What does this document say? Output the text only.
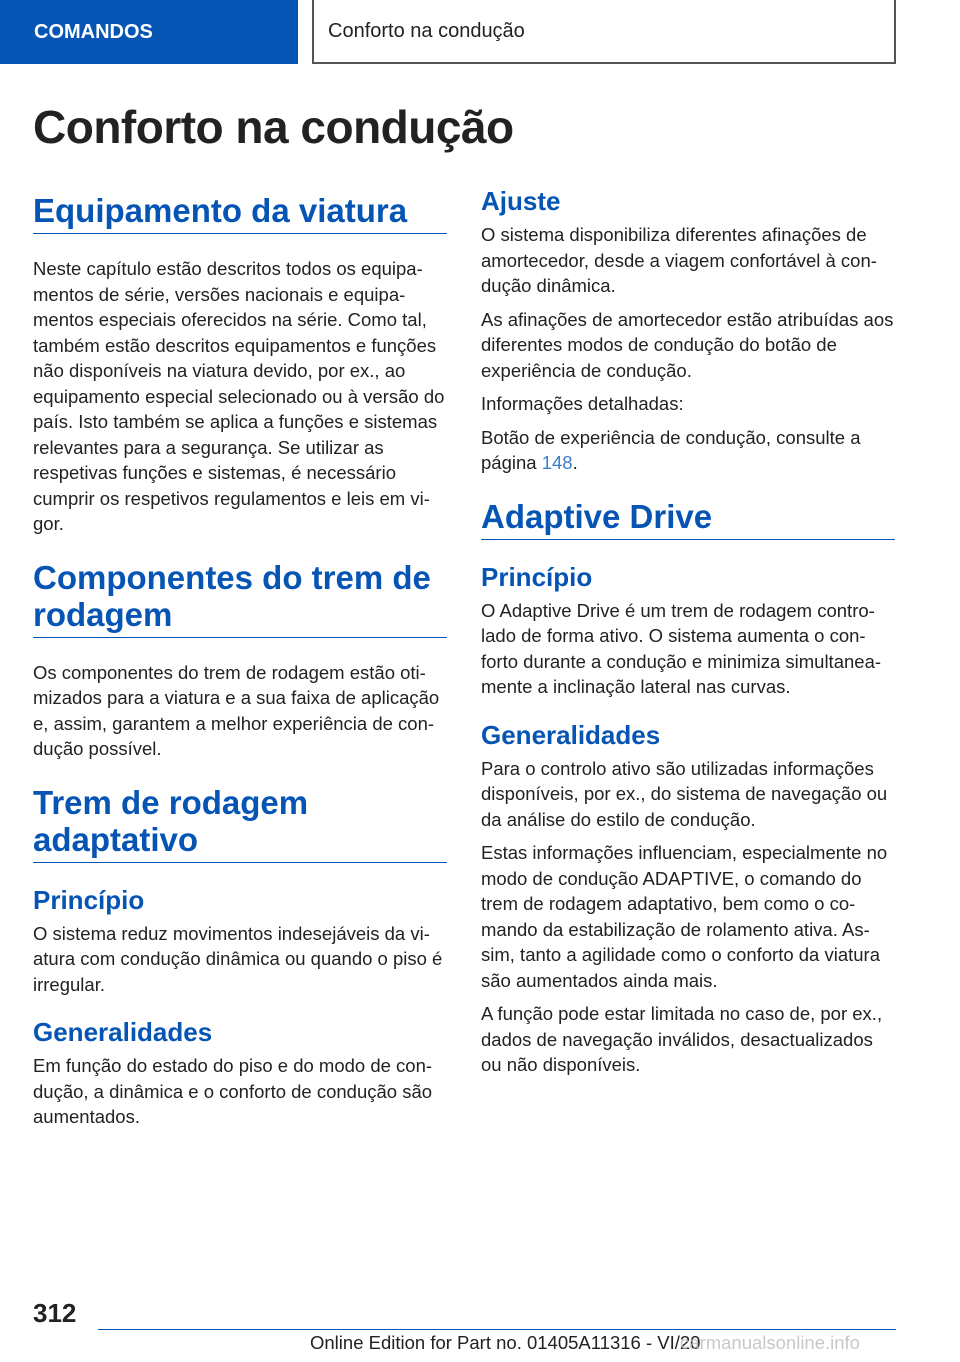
COMANDOS	Conforto na condução
Conforto na condução
Equipamento da viatura

Neste capítulo estão descritos todos os equipamentos de série, versões nacionais e equipamentos especiais oferecidos na série. Como tal, também estão descritos equipamentos e funções não disponíveis na viatura devido, por ex., ao equipamento especial selecionado ou à versão do país. Isto também se aplica a funções e sistemas relevantes para a segurança. Se utilizar as respetivas funções e sistemas, é necessário cumprir os respetivos regulamentos e leis em vigor.

Componentes do trem de rodagem

Os componentes do trem de rodagem estão otimizados para a viatura e a sua faixa de aplicação e, assim, garantem a melhor experiência de condução possível.

Trem de rodagem adaptativo
Princípio

O sistema reduz movimentos indesejáveis da viatura com condução dinâmica ou quando o piso é irregular.

Generalidades

Em função do estado do piso e do modo de condução, a dinâmica e o conforto de condução são aumentados.

Ajuste

O sistema disponibiliza diferentes afinações de amortecedor, desde a viagem confortável à condução dinâmica.

As afinações de amortecedor estão atribuídas aos diferentes modos de condução do botão de experiência de condução.

Informações detalhadas:

Botão de experiência de condução, consulte a página 148.

Adaptive Drive
Princípio

O Adaptive Drive é um trem de rodagem controlado de forma ativo. O sistema aumenta o conforto durante a condução e minimiza simultaneamente a inclinação lateral nas curvas.

Generalidades

Para o controlo ativo são utilizadas informações disponíveis, por ex., do sistema de navegação ou da análise do estilo de condução.

Estas informações influenciam, especialmente no modo de condução ADAPTIVE, o comando do trem de rodagem adaptativo, bem como o comando da estabilização de rolamento ativa. Assim, tanto a agilidade como o conforto da viatura são aumentados ainda mais.

A função pode estar limitada no caso de, por ex., dados de navegação inválidos, desactualizados ou não disponíveis.

312
Online Edition for Part no. 01405A11316 - VI/20
carmanualsonline.info
